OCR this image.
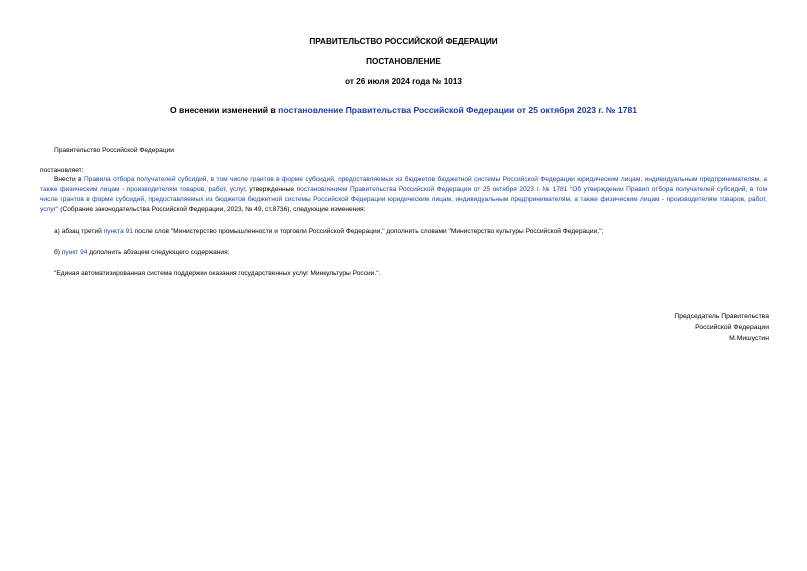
ПРАВИТЕЛЬСТВО РОССИЙСКОЙ ФЕДЕРАЦИИ
ПОСТАНОВЛЕНИЕ
от 26 июля 2024 года № 1013
О внесении изменений в постановление Правительства Российской Федерации от 25 октября 2023 г. № 1781
Правительство Российской Федерации
постановляет:
Внести в Правила отбора получателей субсидий, в том числе грантов в форме субсидий, предоставляемых из бюджетов бюджетной системы Российской Федерации юридическим лицам, индивидуальным предпринимателям, а также физическим лицам - производителям товаров, работ, услуг, утвержденные постановлением Правительства Российской Федерации от 25 октября 2023 г. № 1781 "Об утверждении Правил отбора получателей субсидий, в том числе грантов в форме субсидий, предоставляемых из бюджетов бюджетной системы Российской Федерации юридическим лицам, индивидуальным предпринимателям, а также физическим лицам - производителям товаров, работ, услуг" (Собрание законодательства Российской Федерации, 2023, № 49, ст.8736), следующие изменения:
а) абзац третий пункта 91 после слов "Министерство промышленности и торговли Российской Федерации," дополнить словами "Министерство культуры Российской Федерации,";
б) пункт 94 дополнить абзацем следующего содержания:
"Единая автоматизированная система поддержки оказания государственных услуг Минкультуры России.".
Председатель Правительства
Российской Федерации
М.Мишустин
